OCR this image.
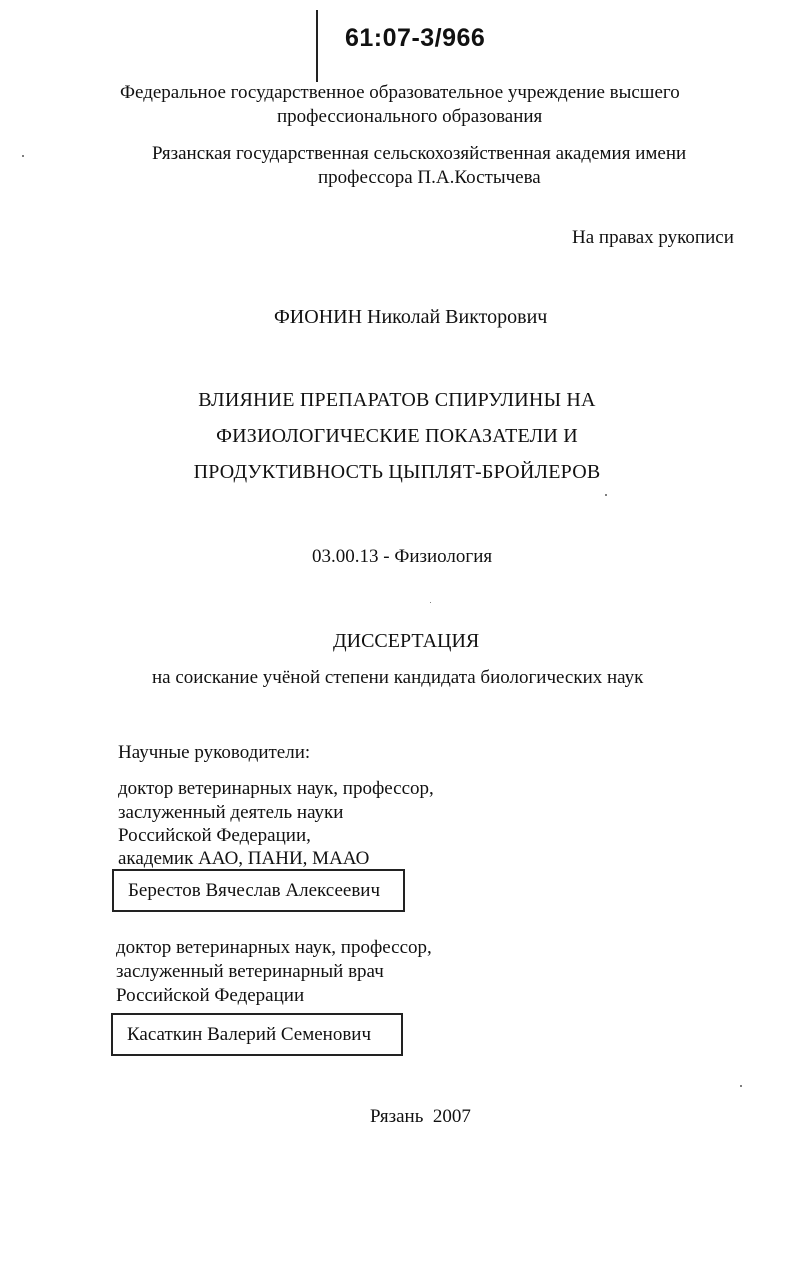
61:07-3/966
Федеральное государственное образовательное учреждение высшего
профессионального образования
Рязанская государственная сельскохозяйственная академия имени
профессора П.А.Костычева
На правах рукописи
ФИОНИН Николай Викторович
ВЛИЯНИЕ ПРЕПАРАТОВ СПИРУЛИНЫ НА
ФИЗИОЛОГИЧЕСКИЕ ПОКАЗАТЕЛИ И
ПРОДУКТИВНОСТЬ ЦЫПЛЯТ-БРОЙЛЕРОВ
03.00.13 - Физиология
ДИССЕРТАЦИЯ
на соискание учёной степени кандидата биологических наук
Научные руководители:
доктор ветеринарных наук, профессор,
заслуженный деятель науки
Российской Федерации,
академик ААО, ПАНИ, МААО
Берестов Вячеслав Алексеевич
доктор ветеринарных наук, профессор,
заслуженный ветеринарный врач
Российской Федерации
Касаткин Валерий Семенович
Рязань  2007
